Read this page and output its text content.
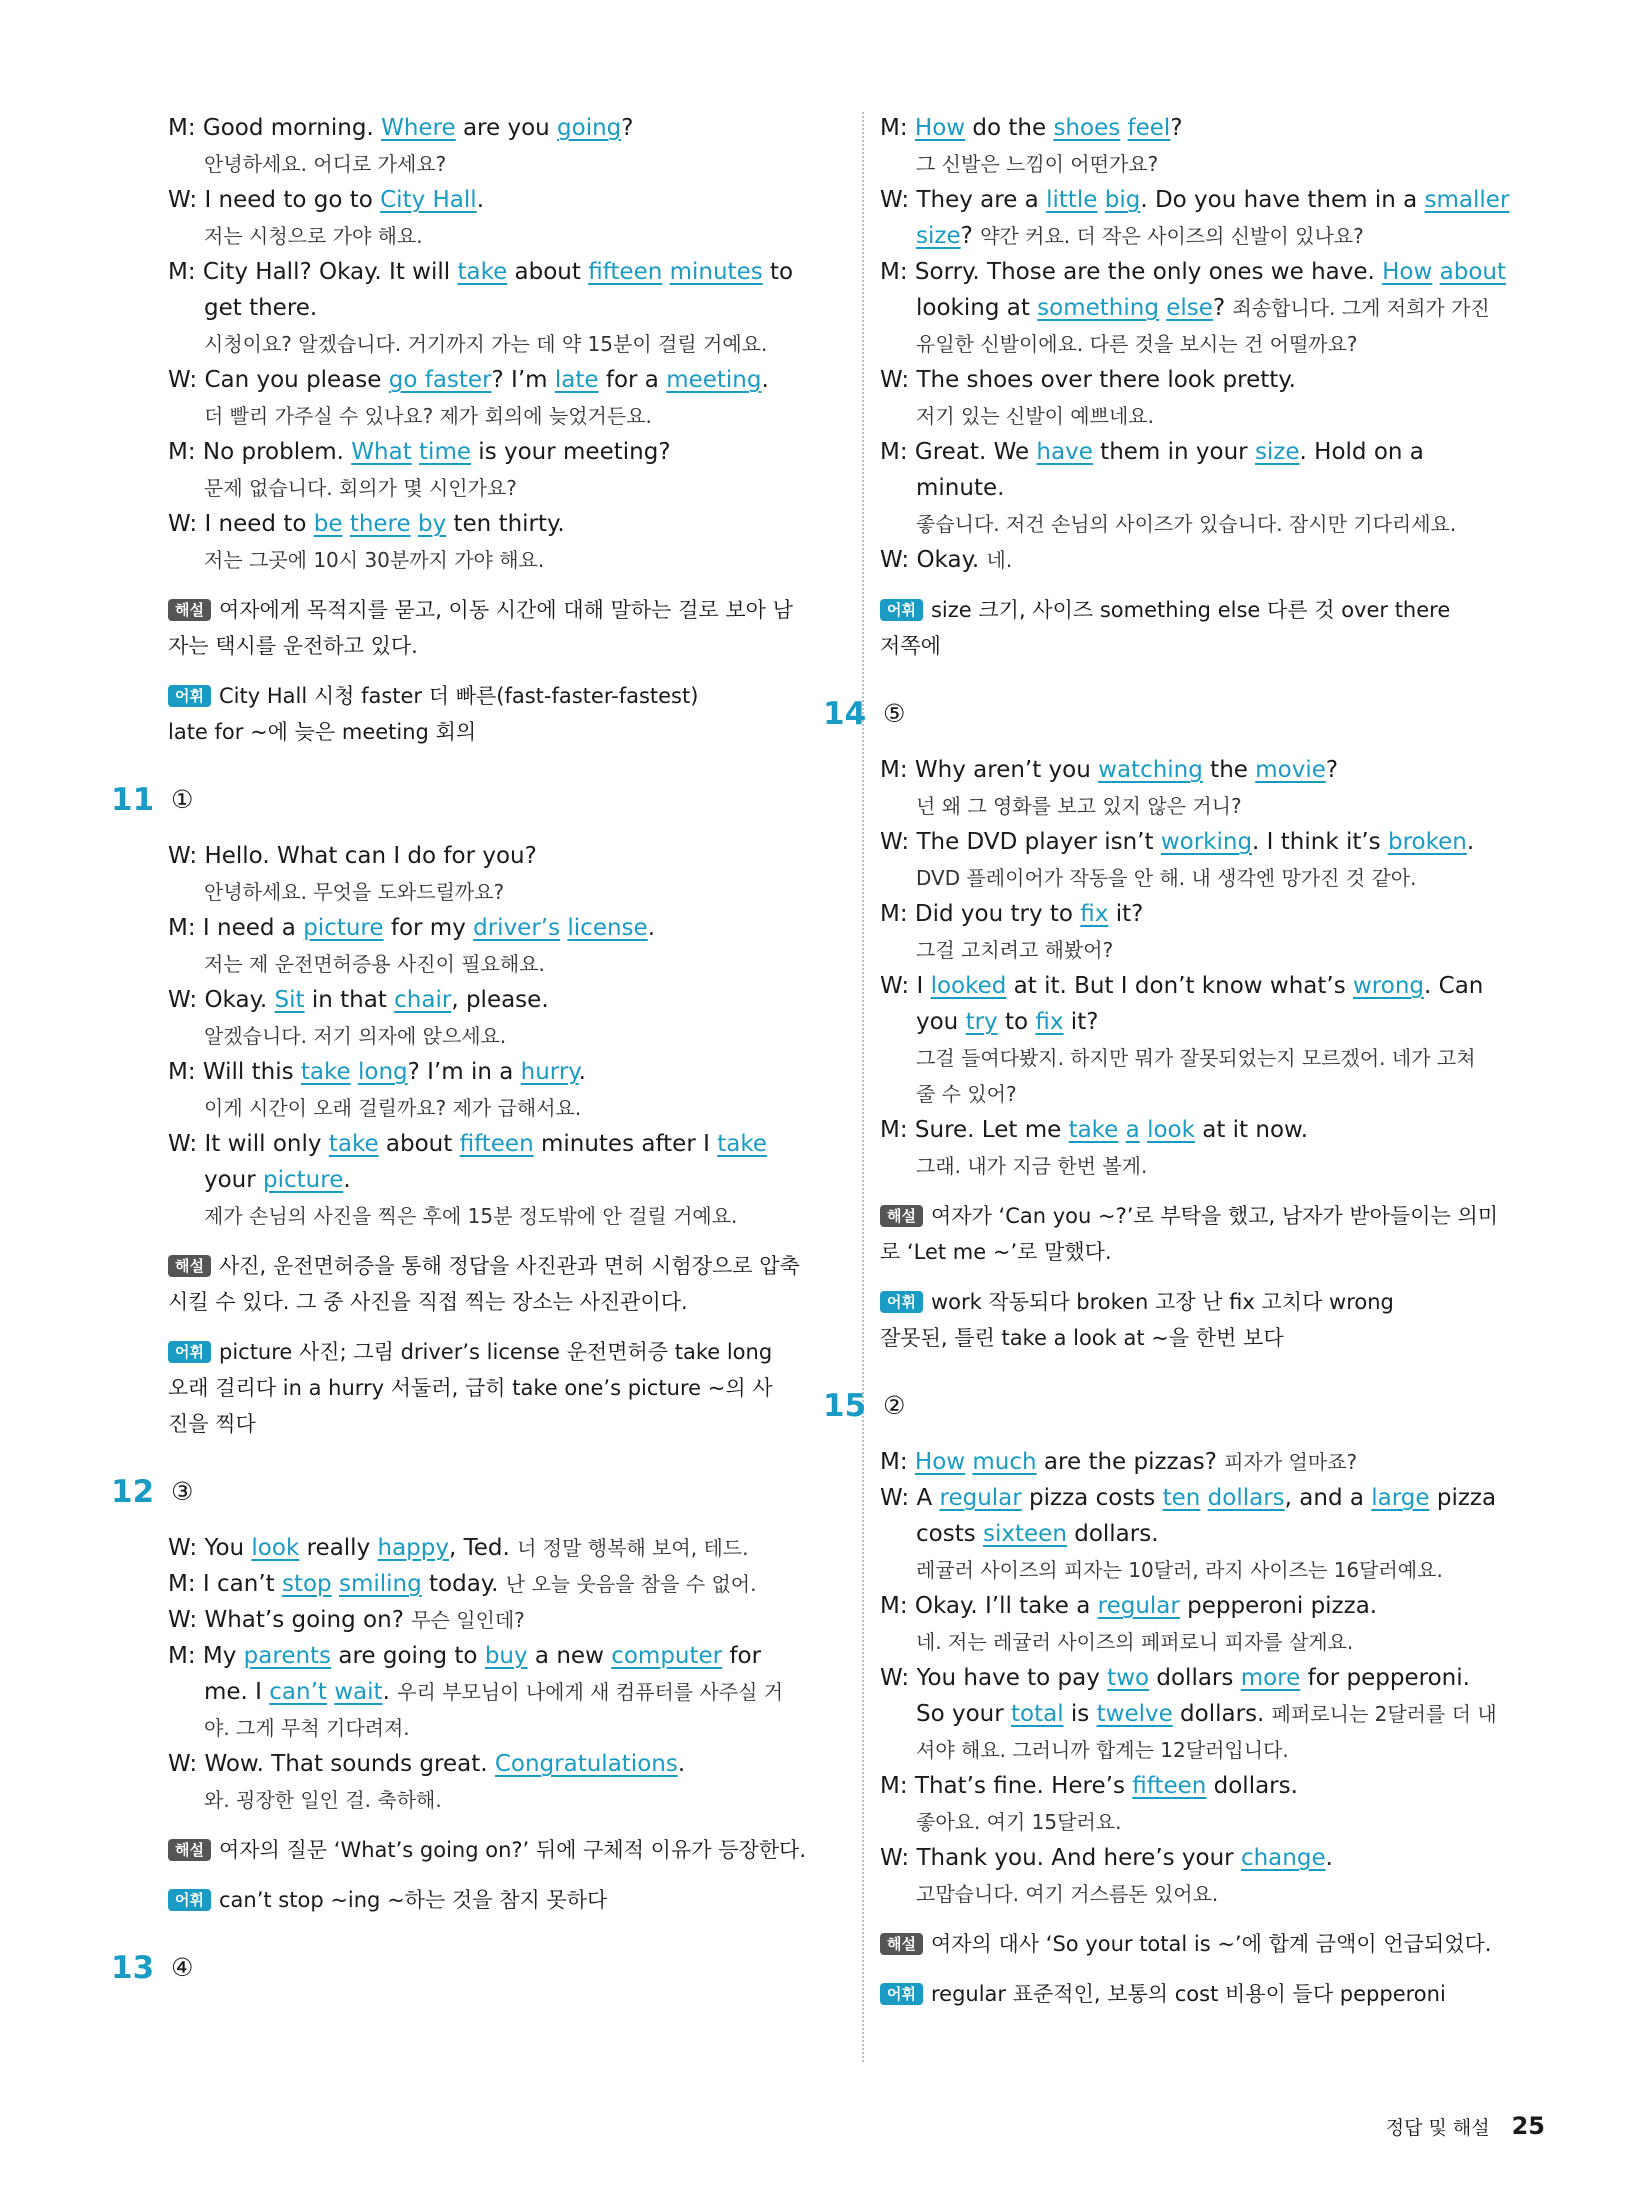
M: Good morning. Where are you going?

안녕하세요. 어디로 가세요?

W: I need to go to City Hall.

저는 시청으로 가야 해요.

M: City Hall? Okay. It will take about fifteen minutes to

get there.

시청이요? 알겠습니다. 거기까지 가는 데 약 15분이 걸릴 거예요.

W: Can you please go faster? I’m late for a meeting.

더 빨리 가주실 수 있나요? 제가 회의에 늦었거든요.

M: No problem. What time is your meeting?

문제 없습니다. 회의가 몇 시인가요?

W: I need to be there by ten thirty.

저는 그곳에 10시 30분까지 가야 해요.

해설 여자에게 목적지를 묻고, 이동 시간에 대해 말하는 걸로 보아 남
자는 택시를 운전하고 있다.
어휘 City Hall 시청 faster 더 빠른(fast-faster-fastest)
late for ~에 늦은 meeting 회의
11 ①

W: Hello. What can I do for you?

안녕하세요. 무엇을 도와드릴까요?

M: I need a picture for my driver’s license.

저는 제 운전면허증용 사진이 필요해요.

W: Okay. Sit in that chair, please.

알겠습니다. 저기 의자에 앉으세요.

M: Will this take long? I’m in a hurry.

이게 시간이 오래 걸릴까요? 제가 급해서요.

W: It will only take about fifteen minutes after I take

your picture.

제가 손님의 사진을 찍은 후에 15분 정도밖에 안 걸릴 거예요.

해설 사진, 운전면허증을 통해 정답을 사진관과 면허 시험장으로 압축
시킬 수 있다. 그 중 사진을 직접 찍는 장소는 사진관이다.
어휘 picture 사진; 그림 driver’s license 운전면허증 take long
오래 걸리다 in a hurry 서둘러, 급히 take one’s picture ~의 사
진을 찍다
12 ③

W: You look really happy, Ted. 너 정말 행복해 보여, 테드.

M: I can’t stop smiling today. 난 오늘 웃음을 참을 수 없어.

W: What’s going on? 무슨 일인데?

M: My parents are going to buy a new computer for

me. I can’t wait. 우리 부모님이 나에게 새 컴퓨터를 사주실 거

야. 그게 무척 기다려져.

W: Wow. That sounds great. Congratulations.

와. 굉장한 일인 걸. 축하해.

해설 여자의 질문 ‘What’s going on?’ 뒤에 구체적 이유가 등장한다.
어휘 can’t stop ~ing ~하는 것을 참지 못하다
13 ④

M: How do the shoes feel?

그 신발은 느낌이 어떤가요?

W: They are a little big. Do you have them in a smaller

size? 약간 커요. 더 작은 사이즈의 신발이 있나요?

M: Sorry. Those are the only ones we have. How about

looking at something else? 죄송합니다. 그게 저희가 가진

유일한 신발이에요. 다른 것을 보시는 건 어떨까요?

W: The shoes over there look pretty.

저기 있는 신발이 예쁘네요.

M: Great. We have them in your size. Hold on a

minute.

좋습니다. 저건 손님의 사이즈가 있습니다. 잠시만 기다리세요.

W: Okay. 네.

어휘 size 크기, 사이즈 something else 다른 것 over there
저쪽에
14 ⑤

M: Why aren’t you watching the movie?

넌 왜 그 영화를 보고 있지 않은 거니?

W: The DVD player isn’t working. I think it’s broken.

DVD 플레이어가 작동을 안 해. 내 생각엔 망가진 것 같아.

M: Did you try to fix it?

그걸 고치려고 해봤어?

W: I looked at it. But I don’t know what’s wrong. Can

you try to fix it?

그걸 들여다봤지. 하지만 뭐가 잘못되었는지 모르겠어. 네가 고쳐

줄 수 있어?

M: Sure. Let me take a look at it now.

그래. 내가 지금 한번 볼게.

해설 여자가 ‘Can you ~?’로 부탁을 했고, 남자가 받아들이는 의미
로 ‘Let me ~’로 말했다.
어휘 work 작동되다 broken 고장 난 fix 고치다 wrong
잘못된, 틀린 take a look at ~을 한번 보다
15 ②

M: How much are the pizzas? 피자가 얼마죠?

W: A regular pizza costs ten dollars, and a large pizza

costs sixteen dollars.

레귤러 사이즈의 피자는 10달러, 라지 사이즈는 16달러예요.

M: Okay. I’ll take a regular pepperoni pizza.

네. 저는 레귤러 사이즈의 페퍼로니 피자를 살게요.

W: You have to pay two dollars more for pepperoni.

So your total is twelve dollars. 페퍼로니는 2달러를 더 내

셔야 해요. 그러니까 합계는 12달러입니다.

M: That’s fine. Here’s fifteen dollars.

좋아요. 여기 15달러요.

W: Thank you. And here’s your change.

고맙습니다. 여기 거스름돈 있어요.

해설 여자의 대사 ‘So your total is ~’에 합계 금액이 언급되었다.
어휘 regular 표준적인, 보통의 cost 비용이 들다 pepperoni
정답 및 해설 25
